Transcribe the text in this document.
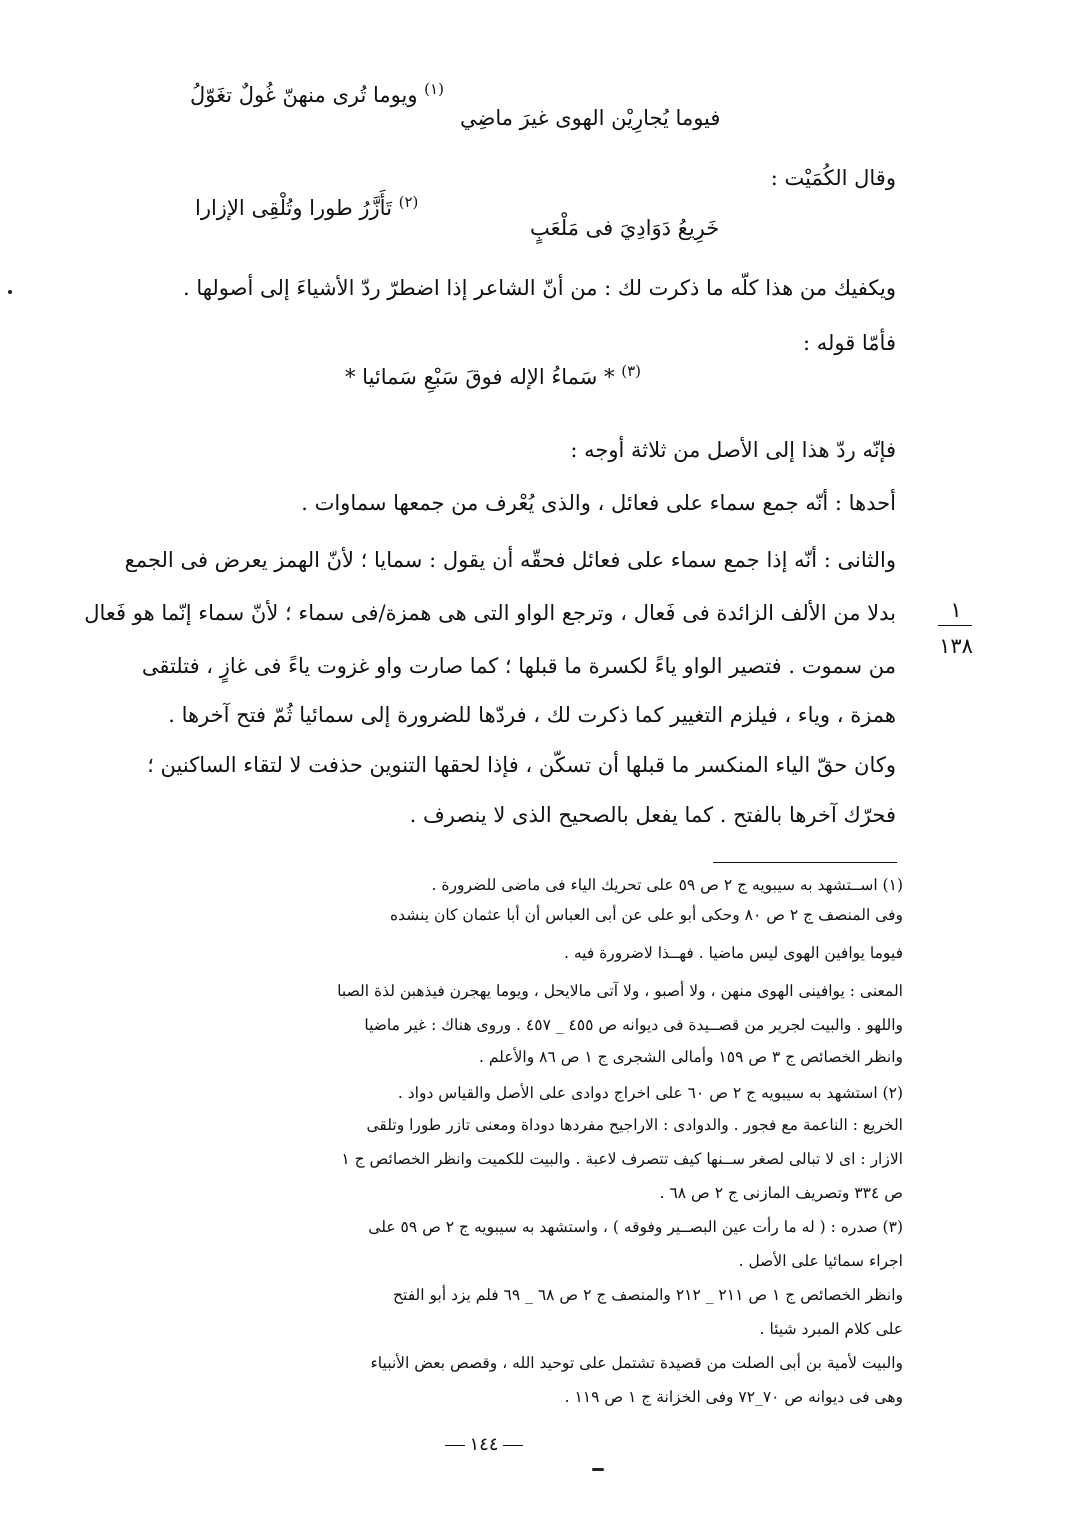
فيوما يُجارِيْن الهوى غيرَ ماضِي
$^{(١)}$ ويوما تُرى منهنّ غُولٌ تغَوّلُ
وقال الكُمَيْت :
خَرِيعُ دَوَادِيَ فى مَلْعَبٍ
$^{(٢)}$ تَأَزَّرُ طورا وتُلْقِى الإزارا
ويكفيك من هذا كلّه ما ذكرت لك : من أنّ الشاعر إذا اضطرّ ردّ الأشياءَ إلى أصولها .
فأمّا قوله :
$^{(٣)}$ * سَماءُ الإله فوقَ سَبْعِ سَمائيا *
فإنّه ردّ هذا إلى الأصل من ثلاثة أوجه :
أحدها : أنّه جمع سماء على فعائل ، والذى يُعْرف من جمعها سماوات .
والثانى : أنّه إذا جمع سماء على فعائل فحقّه أن يقول : سمايا ؛ لأنّ الهمز يعرض فى الجمع
بدلا من الألف الزائدة فى فَعال ، وترجع الواو التى هى همزة/فى سماء ؛ لأنّ سماء إنّما هو فَعال
من سموت . فتصير الواو ياءً لكسرة ما قبلها ؛ كما صارت واو غزوت ياءً فى غازٍ ، فتلتقى
همزة ، وياء ، فيلزم التغيير كما ذكرت لك ، فردّها للضرورة إلى سمائيا ثُمّ فتح آخرها .
وكان حقّ الياء المنكسر ما قبلها أن تسكّن ، فإذا لحقها التنوين حذفت لا لتقاء الساكنين ؛
فحرّك آخرها بالفتح . كما يفعل بالصحيح الذى لا ينصرف .
١
١٣٨
(١) اســتشهد به سيبويه ج ٢ ص ٥٩ على تحريك الياء فى ماضى للضرورة .
وفى المنصف ج ٢ ص ٨٠ وحكى أبو على عن أبى العباس أن أبا عثمان كان ينشده
فيوما يوافين الهوى ليس ماضيا . فهــذا لاضرورة فيه .
المعنى : يوافينى الهوى منهن ، ولا أصبو ، ولا آتى مالايحل ، ويوما يهجرن فيذهبن لذة الصبا
واللهو . والبيت لجرير من قصــيدة فى ديوانه ص ٤٥٥ _ ٤٥٧ . وروى هناك : غير ماضيا
وانظر الخصائص ج ٣ ص ١٥٩ وأمالى الشجرى ج ١ ص ٨٦ والأعلم .
(٢) استشهد به سيبويه ج ٢ ص ٦٠ على اخراج دوادى على الأصل والقياس دواد .
الخريع : الناعمة مع فجور . والدوادى : الاراجيح مفردها دوداة ومعنى تازر طورا وتلقى
الازار : اى لا تبالى لصغر ســنها كيف تتصرف لاعبة . والبيت للكميت وانظر الخصائص ج ١
ص ٣٣٤ وتصريف المازنى ج ٢ ص ٦٨ .
(٣) صدره : ( له ما رأت عين البصــير وفوقه ) ، واستشهد به سيبويه ج ٢ ص ٥٩ على
اجراء سمائيا على الأصل .
وانظر الخصائص ج ١ ص ٢١١ _ ٢١٢ والمنصف ج ٢ ص ٦٨ _ ٦٩ فلم يزد أبو الفتح
على كلام المبرد شيئا .
والبيت لأمية بن أبى الصلت من قصيدة تشتمل على توحيد الله ، وقصص بعض الأنبياء
وهى فى ديوانه ص ٧٠_٧٢ وفى الخزانة ج ١ ص ١١٩ .
١٤٤
